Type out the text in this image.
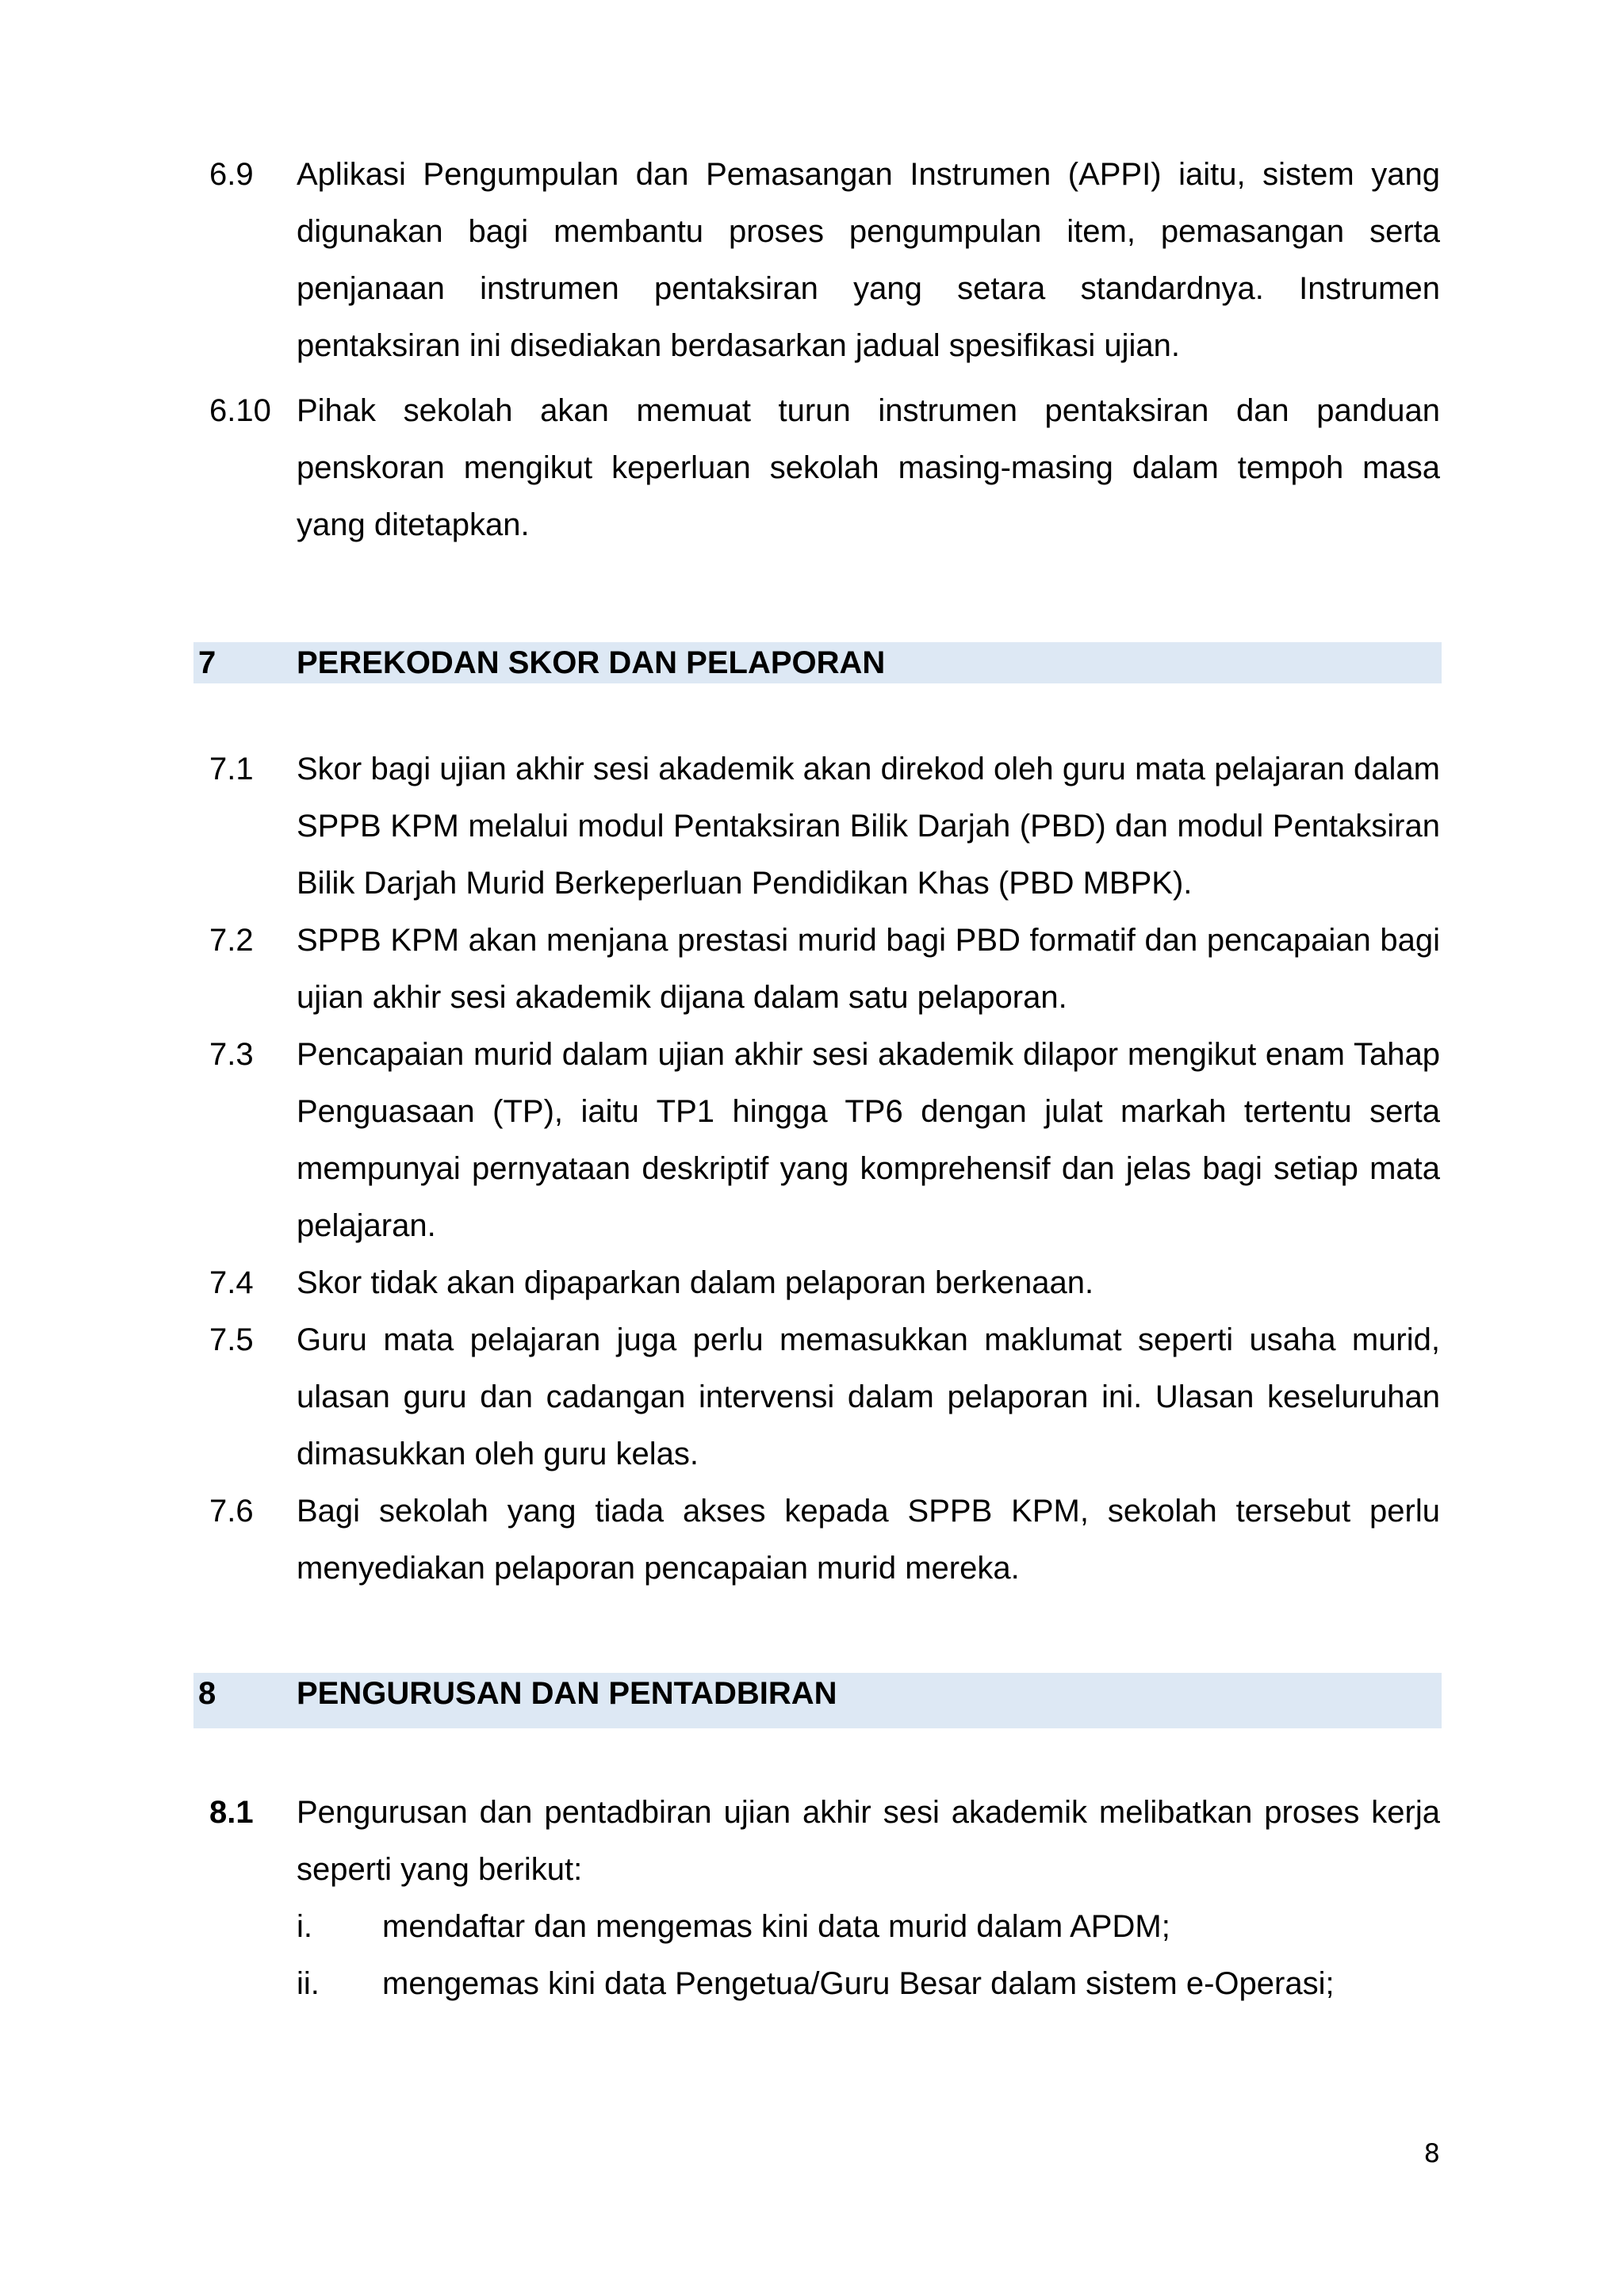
6.9 Aplikasi Pengumpulan dan Pemasangan Instrumen (APPI) iaitu, sistem yang digunakan bagi membantu proses pengumpulan item, pemasangan serta penjanaan instrumen pentaksiran yang setara standardnya. Instrumen pentaksiran ini disediakan berdasarkan jadual spesifikasi ujian.
6.10 Pihak sekolah akan memuat turun instrumen pentaksiran dan panduan penskoran mengikut keperluan sekolah masing-masing dalam tempoh masa yang ditetapkan.
7	PEREKODAN SKOR DAN PELAPORAN
7.1 Skor bagi ujian akhir sesi akademik akan direkod oleh guru mata pelajaran dalam SPPB KPM melalui modul Pentaksiran Bilik Darjah (PBD) dan modul Pentaksiran Bilik Darjah Murid Berkeperluan Pendidikan Khas (PBD MBPK).
7.2 SPPB KPM akan menjana prestasi murid bagi PBD formatif dan pencapaian bagi ujian akhir sesi akademik dijana dalam satu pelaporan.
7.3 Pencapaian murid dalam ujian akhir sesi akademik dilapor mengikut enam Tahap Penguasaan (TP), iaitu TP1 hingga TP6 dengan julat markah tertentu serta mempunyai pernyataan deskriptif yang komprehensif dan jelas bagi setiap mata pelajaran.
7.4 Skor tidak akan dipaparkan dalam pelaporan berkenaan.
7.5 Guru mata pelajaran juga perlu memasukkan maklumat seperti usaha murid, ulasan guru dan cadangan intervensi dalam pelaporan ini. Ulasan keseluruhan dimasukkan oleh guru kelas.
7.6 Bagi sekolah yang tiada akses kepada SPPB KPM, sekolah tersebut perlu menyediakan pelaporan pencapaian murid mereka.
8	PENGURUSAN DAN PENTADBIRAN
8.1 Pengurusan dan pentadbiran ujian akhir sesi akademik melibatkan proses kerja seperti yang berikut:
i. mendaftar dan mengemas kini data murid dalam APDM;
ii. mengemas kini data Pengetua/Guru Besar dalam sistem e-Operasi;
8
